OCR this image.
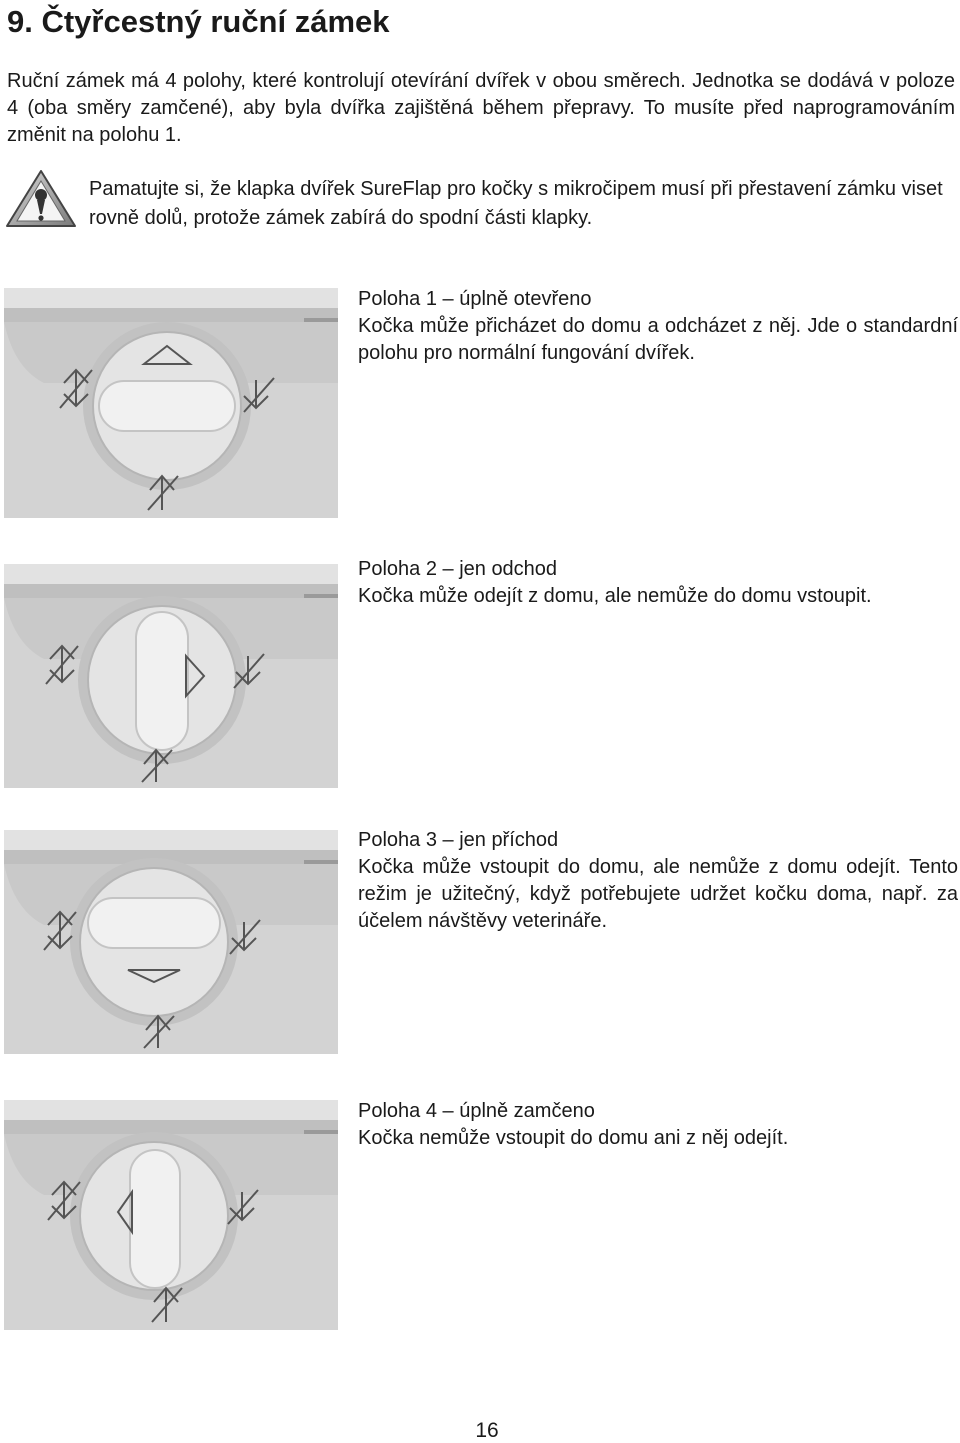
9. Čtyřcestný ruční zámek

Ruční zámek má 4 polohy, které kontrolují otevírání dvířek v obou směrech. Jednotka se dodává v poloze 4 (oba směry zamčené), aby byla dvířka zajištěná během přepravy. To musíte před naprogramováním změnit na polohu 1.

Pamatujte si, že klapka dvířek SureFlap pro kočky s mikročipem musí při přestavení zámku viset rovně dolů, protože zámek zabírá do spodní části klapky.

Poloha 1 – úplně otevřeno
Kočka může přicházet do domu a odcházet z něj. Jde o standardní polohu pro normální fungování dvířek.

Poloha 2 – jen odchod
Kočka může odejít z domu, ale nemůže do domu vstoupit.

Poloha 3 – jen příchod
Kočka může vstoupit do domu, ale nemůže z domu odejít. Tento režim je užitečný, když potřebujete udržet kočku doma, např. za účelem návštěvy veterináře.

Poloha 4 – úplně zamčeno
Kočka nemůže vstoupit do domu ani z něj odejít.

16
